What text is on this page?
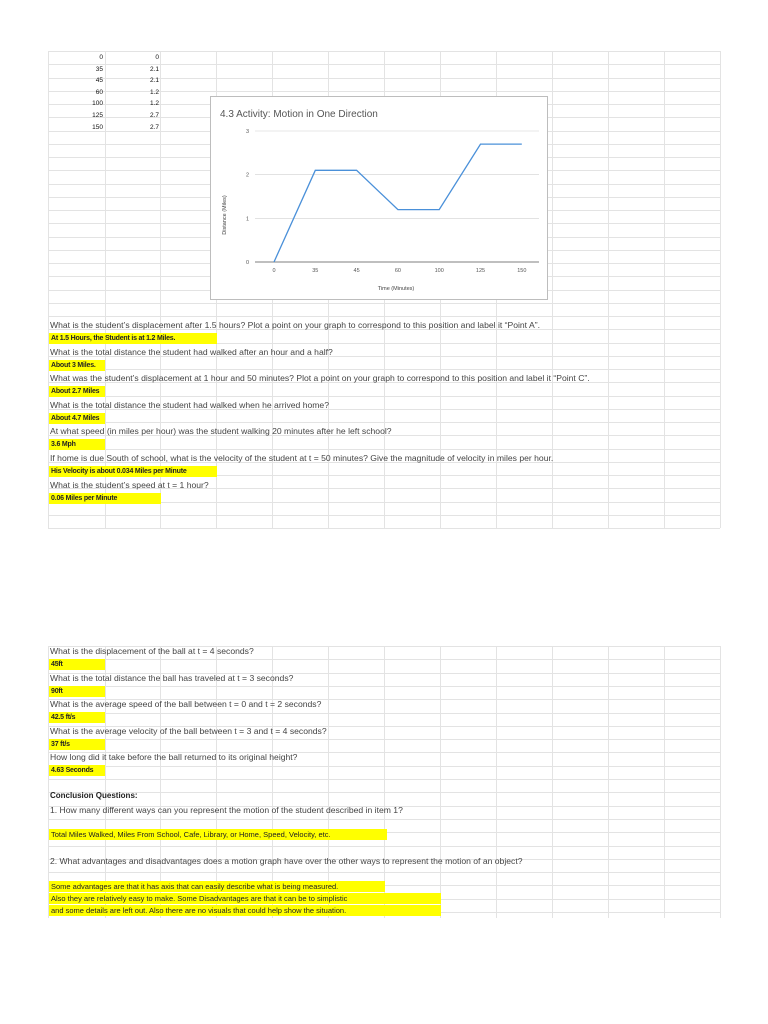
0	0
35	2.1
45	2.1
60	1.2
100	1.2
125	2.7
150	2.7
4.3 Activity: Motion in One Direction
Time (Minutes)
Distance (Miles)
0
1
2
3
0	35	45	60	100	125	150
What is the student’s displacement after 1.5 hours? Plot a point on your graph to correspond to this position and label it “Point A”.
At 1.5 Hours, the Student is at 1.2 Miles.
What is the total distance the student had walked after an hour and a half?
About 3 Miles.
What was the student’s displacement at 1 hour and 50 minutes? Plot a point on your graph to correspond to this position and label it “Point C”.
About 2.7 Miles
What is the total distance the student had walked when he arrived home?
About 4.7 Miles
At what speed (in miles per hour) was the student walking 20 minutes after he left school?
3.6 Mph
If home is due South of school, what is the velocity of the student at t = 50 minutes? Give the magnitude of velocity in miles per hour.
His Velocity is about 0.034 Miles per Minute
What is the student’s speed at t = 1 hour?
0.06 Miles per Minute
What is the displacement of the ball at t = 4 seconds?
45ft
What is the total distance the ball has traveled at t = 3 seconds?
90ft
What is the average speed of the ball between t = 0 and t = 2 seconds?
42.5 ft/s
What is the average velocity of the ball between t = 3 and t = 4 seconds?
37 ft/s
How long did it take before the ball returned to its original height?
4.63 Seconds
Conclusion Questions:
1. How many different ways can you represent the motion of the student described in item 1?
Total Miles Walked, Miles From School, Cafe, Library, or Home, Speed, Velocity, etc.
2. What advantages and disadvantages does a motion graph have over the other ways to represent the motion of an object?
Some advantages are that it has axis that can easily describe what is being measured.
Also they are relatively easy to make. Some Disadvantages are that it can be to simplistic
and some details are left out. Also there are no visuals that could help show the situation.
